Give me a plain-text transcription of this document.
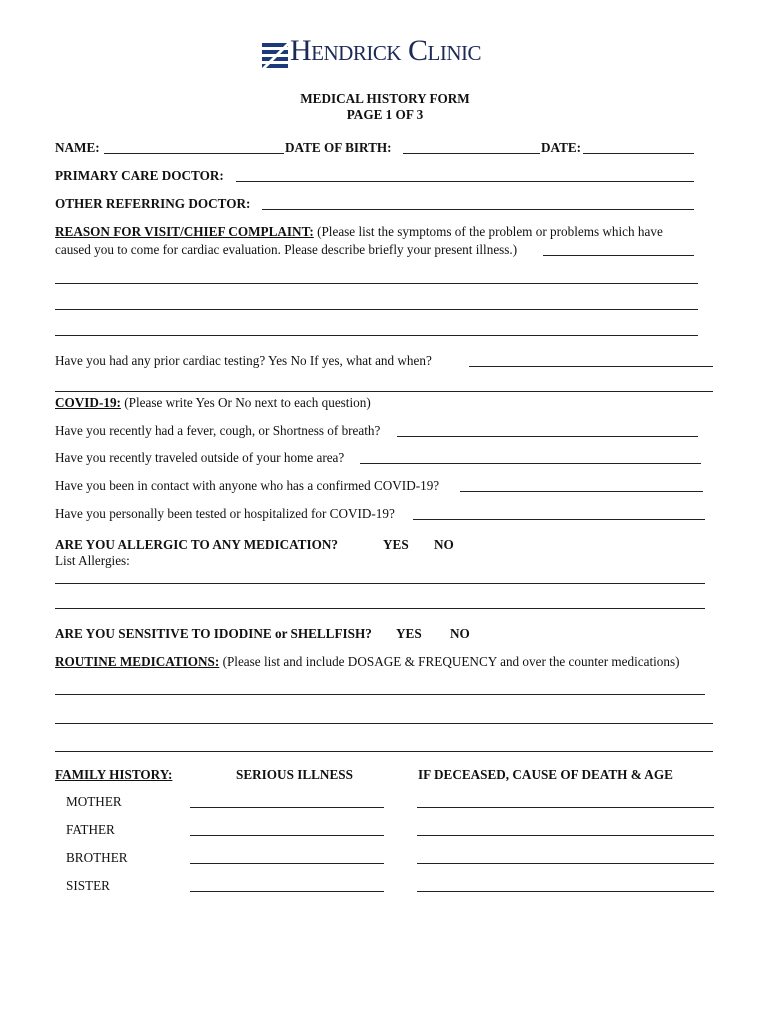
Hendrick Clinic
MEDICAL HISTORY FORM
PAGE 1 OF 3
NAME:	DATE OF BIRTH:	DATE:
PRIMARY CARE DOCTOR:
OTHER REFERRING DOCTOR:
REASON FOR VISIT/CHIEF COMPLAINT: (Please list the symptoms of the problem or problems which have
caused you to come for cardiac evaluation. Please describe briefly your present illness.)
Have you had any prior cardiac testing? Yes No If yes, what and when?
COVID-19: (Please write Yes Or No next to each question)
Have you recently had a fever, cough, or Shortness of breath?
Have you recently traveled outside of your home area?
Have you been in contact with anyone who has a confirmed COVID-19?
Have you personally been tested or hospitalized for COVID-19?
ARE YOU ALLERGIC TO ANY MEDICATION?	YES NO
List Allergies:
ARE YOU SENSITIVE TO IDODINE or SHELLFISH? YES NO
ROUTINE MEDICATIONS: (Please list and include DOSAGE & FREQUENCY and over the counter medications)
FAMILY HISTORY:	SERIOUS ILLNESS	IF DECEASED, CAUSE OF DEATH & AGE
MOTHER
FATHER
BROTHER
SISTER
